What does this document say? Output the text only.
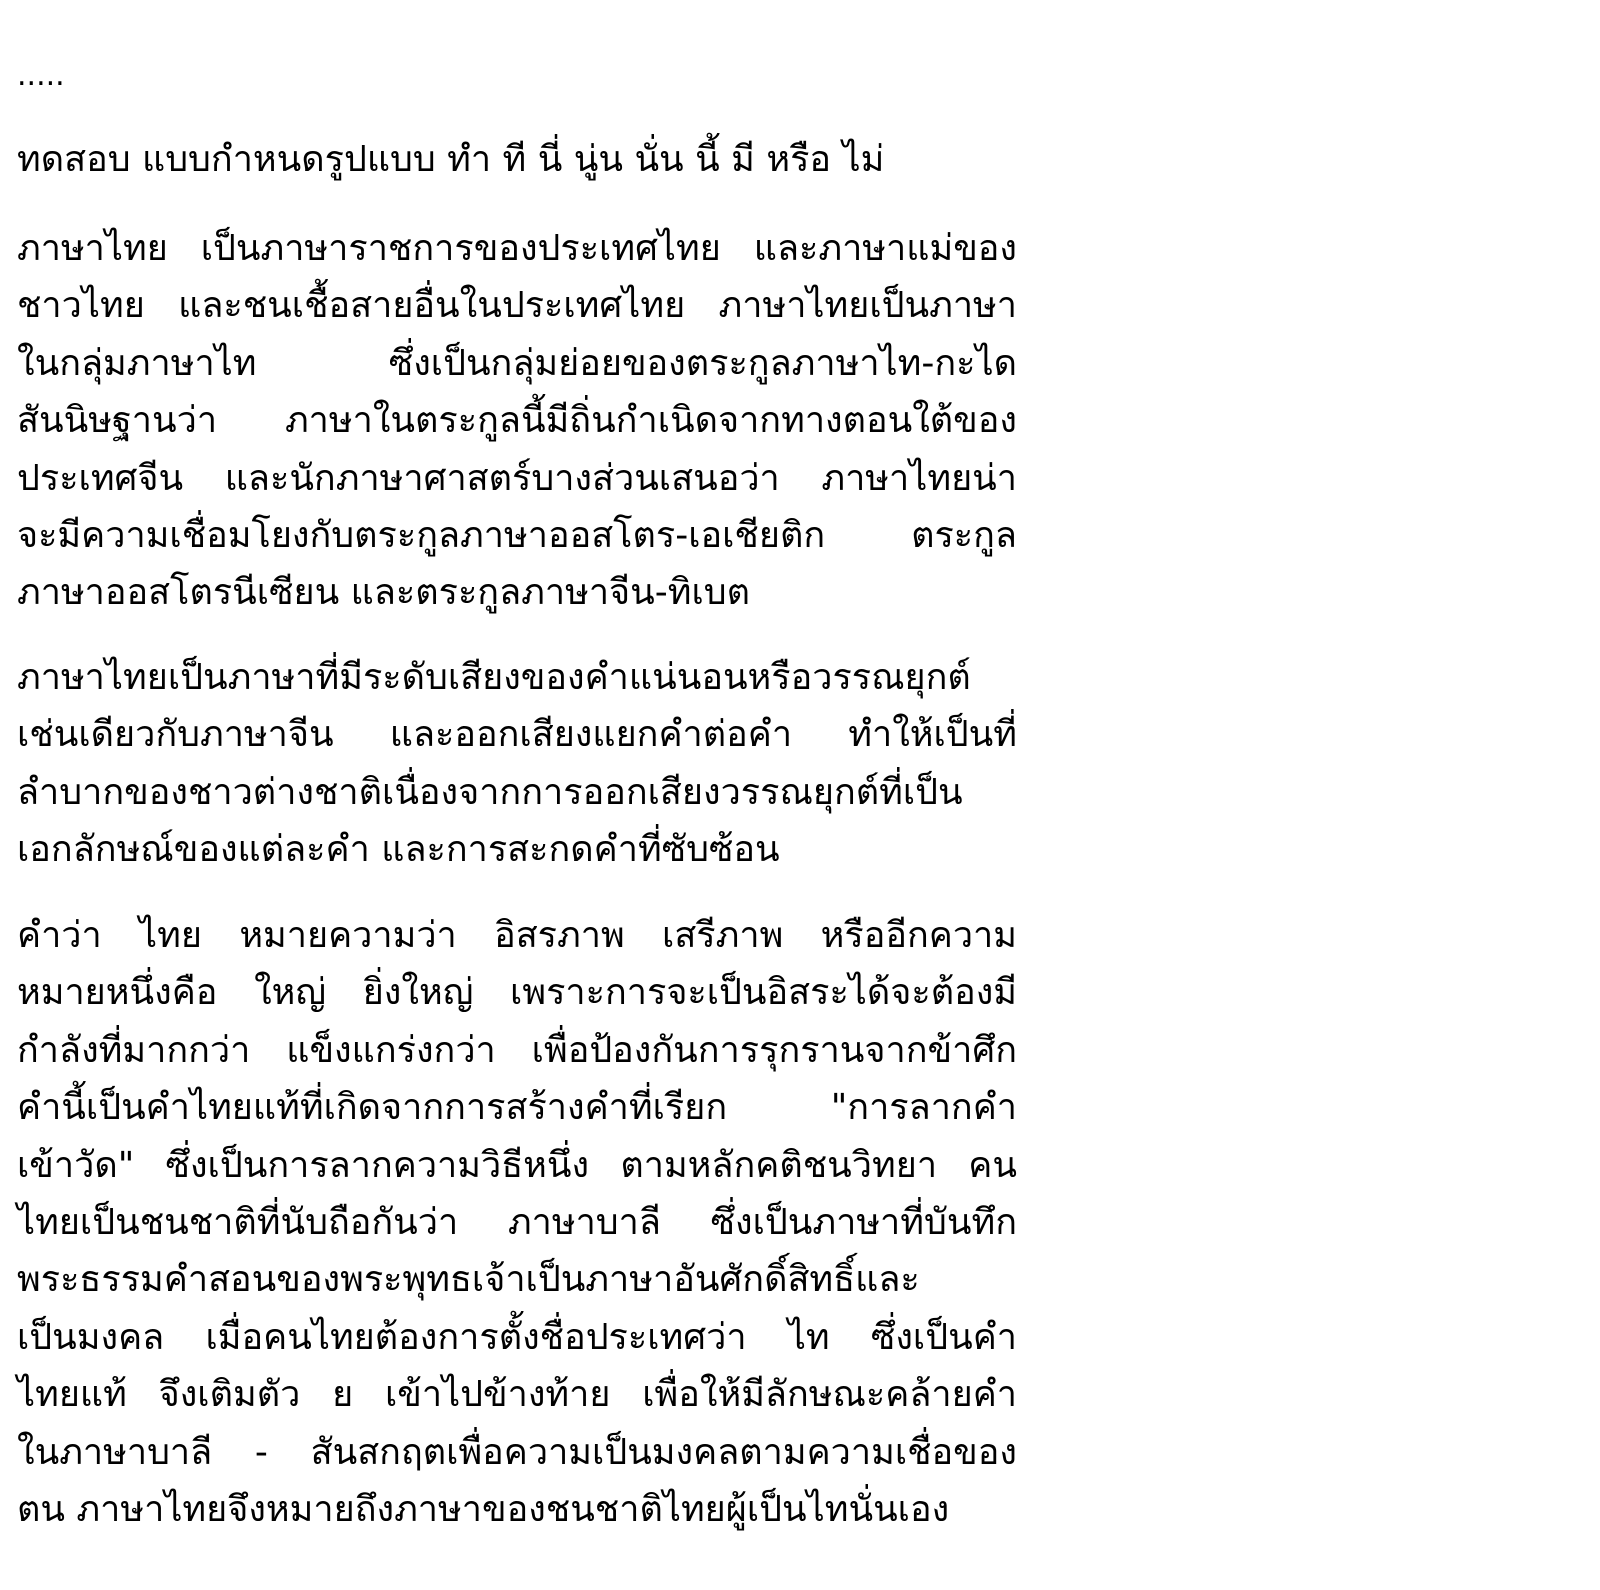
.....
ทดสอบ แบบกำหนดรูปแบบ ทำ ที นี่ นู่น นั่น นี้ มี หรือ ไม่
ภาษาไทย เป็นภาษาราชการของประเทศไทย และภาษาแม่ของ
ชาวไทย และชนเชื้อสายอื่นในประเทศไทย ภาษาไทยเป็นภาษา
ในกลุ่มภาษาไท ซึ่งเป็นกลุ่มย่อยของตระกูลภาษาไท-กะได
สันนิษฐานว่า ภาษาในตระกูลนี้มีถิ่นกำเนิดจากทางตอนใต้ของ
ประเทศจีน และนักภาษาศาสตร์บางส่วนเสนอว่า ภาษาไทยน่า
จะมีความเชื่อมโยงกับตระกูลภาษาออสโตร-เอเชียติก ตระกูล
ภาษาออสโตรนีเซียน และตระกูลภาษาจีน-ทิเบต
ภาษาไทยเป็นภาษาที่มีระดับเสียงของคำแน่นอนหรือวรรณยุกต์
เช่นเดียวกับภาษาจีน และออกเสียงแยกคำต่อคำ ทำให้เป็นที่
ลำบากของชาวต่างชาติเนื่องจากการออกเสียงวรรณยุกต์ที่เป็น
เอกลักษณ์ของแต่ละคำ และการสะกดคำที่ซับซ้อน
คำว่า ไทย หมายความว่า อิสรภาพ เสรีภาพ หรืออีกความ
หมายหนึ่งคือ ใหญ่ ยิ่งใหญ่ เพราะการจะเป็นอิสระได้จะต้องมี
กำลังที่มากกว่า แข็งแกร่งกว่า เพื่อป้องกันการรุกรานจากข้าศึก
คำนี้เป็นคำไทยแท้ที่เกิดจากการสร้างคำที่เรียก "การลากคำ
เข้าวัด" ซึ่งเป็นการลากความวิธีหนึ่ง ตามหลักคติชนวิทยา คน
ไทยเป็นชนชาติที่นับถือกันว่า ภาษาบาลี ซึ่งเป็นภาษาที่บันทึก
พระธรรมคำสอนของพระพุทธเจ้าเป็นภาษาอันศักดิ์สิทธิ์และ
เป็นมงคล เมื่อคนไทยต้องการตั้งชื่อประเทศว่า ไท ซึ่งเป็นคำ
ไทยแท้ จึงเติมตัว ย เข้าไปข้างท้าย เพื่อให้มีลักษณะคล้ายคำ
ในภาษาบาลี - สันสกฤตเพื่อความเป็นมงคลตามความเชื่อของ
ตน ภาษาไทยจึงหมายถึงภาษาของชนชาติไทยผู้เป็นไทนั่นเอง
